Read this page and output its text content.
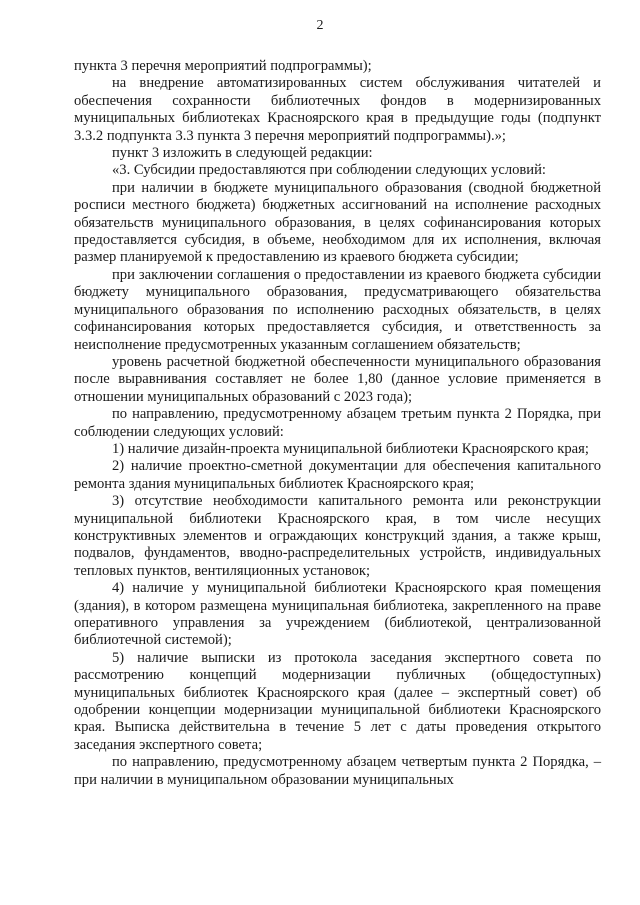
2

пункта 3 перечня мероприятий подпрограммы);

на внедрение автоматизированных систем обслуживания читателей и обеспечения сохранности библиотечных фондов в модернизированных муниципальных библиотеках Красноярского края в предыдущие годы (подпункт 3.3.2 подпункта 3.3 пункта 3 перечня мероприятий подпрограммы).»;

пункт 3 изложить в следующей редакции:

«3. Субсидии предоставляются при соблюдении следующих условий:

при наличии в бюджете муниципального образования (сводной бюджетной росписи местного бюджета) бюджетных ассигнований на исполнение расходных обязательств муниципального образования, в целях софинансирования которых предоставляется субсидия, в объеме, необходимом для их исполнения, включая размер планируемой к предоставлению из краевого бюджета субсидии;

при заключении соглашения о предоставлении из краевого бюджета субсидии бюджету муниципального образования, предусматривающего обязательства муниципального образования по исполнению расходных обязательств, в целях софинансирования которых предоставляется субсидия, и ответственность за неисполнение предусмотренных указанным соглашением обязательств;

уровень расчетной бюджетной обеспеченности муниципального образования после выравнивания составляет не более 1,80 (данное условие применяется в отношении муниципальных образований с 2023 года);

по направлению, предусмотренному абзацем третьим пункта 2 Порядка, при соблюдении следующих условий:

1) наличие дизайн-проекта муниципальной библиотеки Красноярского края;

2) наличие проектно-сметной документации для обеспечения капитального ремонта здания муниципальных библиотек Красноярского края;

3) отсутствие необходимости капитального ремонта или реконструкции муниципальной библиотеки Красноярского края, в том числе несущих конструктивных элементов и ограждающих конструкций здания, а также крыш, подвалов, фундаментов, вводно-распределительных устройств, индивидуальных тепловых пунктов, вентиляционных установок;

4) наличие у муниципальной библиотеки Красноярского края помещения (здания), в котором размещена муниципальная библиотека, закрепленного на праве оперативного управления за учреждением (библиотекой, централизованной библиотечной системой);

5) наличие выписки из протокола заседания экспертного совета по рассмотрению концепций модернизации публичных (общедоступных) муниципальных библиотек Красноярского края (далее – экспертный совет) об одобрении концепции модернизации муниципальной библиотеки Красноярского края. Выписка действительна в течение 5 лет с даты проведения открытого заседания экспертного совета;

по направлению, предусмотренному абзацем четвертым пункта 2 Порядка, – при наличии в муниципальном образовании муниципальных
